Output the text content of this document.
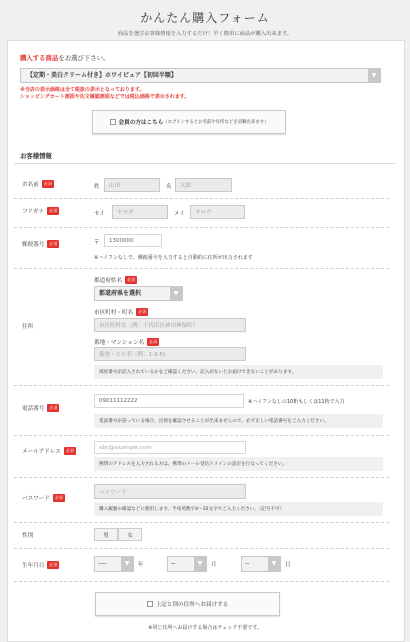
かんたん購入フォーム
商品を選びお客様情報を入力するだけ！早く簡単に商品が購入出来ます。
購入する商品をお選び下さい。
【定期・美白クリーム付き】ホワイピュア【初回半額】	▼
※当店の表示価格は全て税抜の表示となっております。
ショッピングカート画面や注文確認画面などでは税込価格で表示されます。
会員の方はこちら （ログインするとお名前や住所などを省略出来ます）
お客様情報
お名前	必須
姓	山田	名	太郎
フリガナ	必須
セイ	ヤマダ	メイ	タロウ
郵便番号	必須	〒	1300000
※ハイフンなしで、郵便番号を入力すると自動的に住所が出力されます
住所
都道府県名	必須
都道府県を選択	▼
市区町村・町名	必須
市区町村名（例：千代田区神田神保町）
番地・マンション名	必須
番地・ビル名（例：1-3-5)
部屋番号が記入されているかをご確認ください。記入がないとお届けできないことがあります。
電話番号	必須
09011112222	※ハイフンなしの10桁もしくは11桁で入力
電話番号が誤っている場合、出荷を確認させることが出来ませんので、必ず正しい電話番号をご入力ください。
メールアドレス	必須	abc@example.com
携帯のアドレスを入力される方は、携帯のメール受信ドメインの設定を行なってください。
パスワード	必須
パスワード
購入履歴の確認などに使用します。半角英数字4～10文字でご入力ください。（記号不可）
性別	男	女
生年月日	必須	----	▼	年	--	▼	月	--	▼	日
上記と別の住所へお届けする
※同じ住所へお届けする場合はチェック不要です。
